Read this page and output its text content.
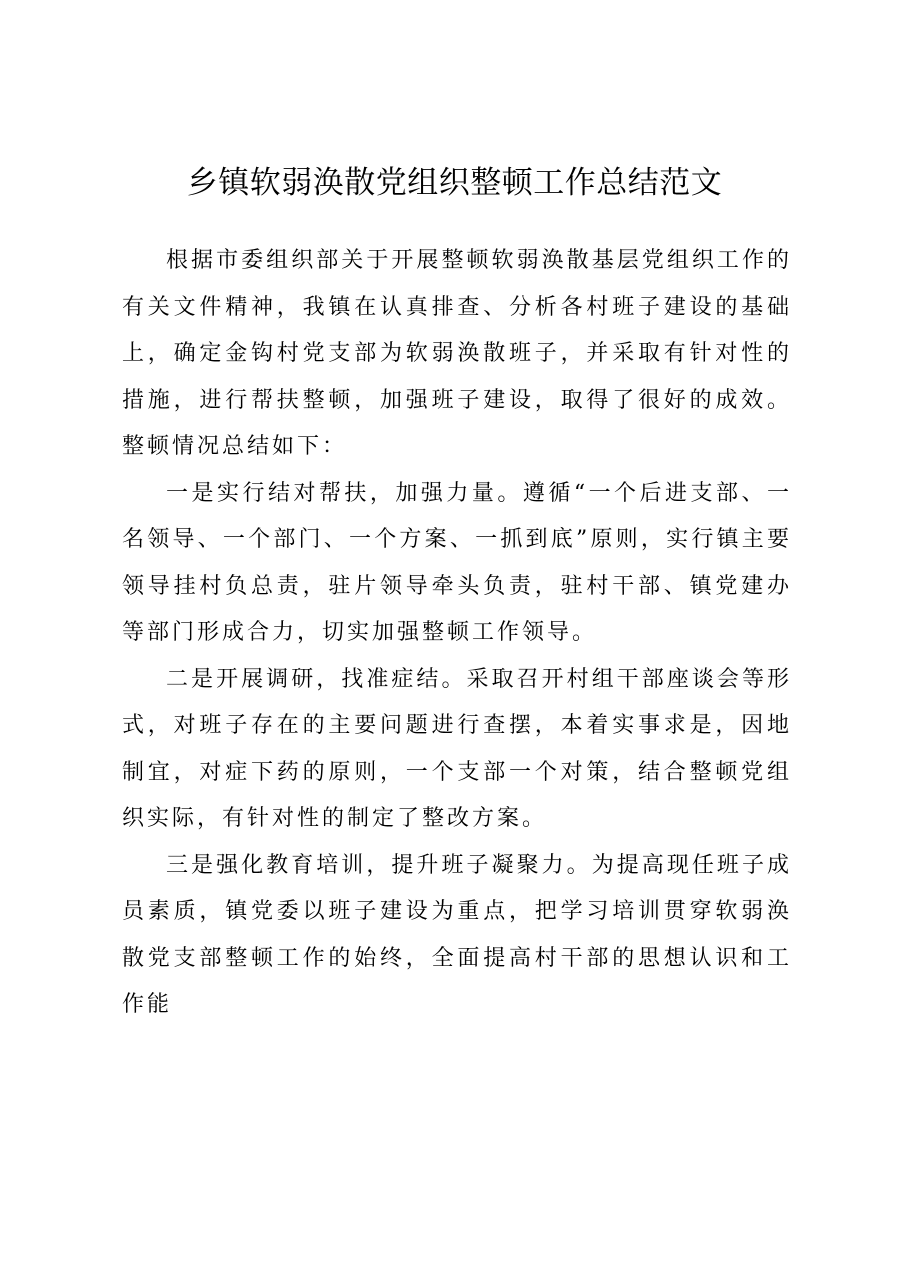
乡镇软弱涣散党组织整顿工作总结范文

根据市委组织部关于开展整顿软弱涣散基层党组织工作的有关文件精神，我镇在认真排查、分析各村班子建设的基础上，确定金钩村党支部为软弱涣散班子，并采取有针对性的措施，进行帮扶整顿，加强班子建设，取得了很好的成效。整顿情况总结如下：

一是实行结对帮扶，加强力量。遵循“一个后进支部、一名领导、一个部门、一个方案、一抓到底”原则，实行镇主要领导挂村负总责，驻片领导牵头负责，驻村干部、镇党建办等部门形成合力，切实加强整顿工作领导。

二是开展调研，找准症结。采取召开村组干部座谈会等形式，对班子存在的主要问题进行查摆，本着实事求是，因地制宜，对症下药的原则，一个支部一个对策，结合整顿党组织实际，有针对性的制定了整改方案。

三是强化教育培训，提升班子凝聚力。为提高现任班子成员素质，镇党委以班子建设为重点，把学习培训贯穿软弱涣散党支部整顿工作的始终，全面提高村干部的思想认识和工作能
